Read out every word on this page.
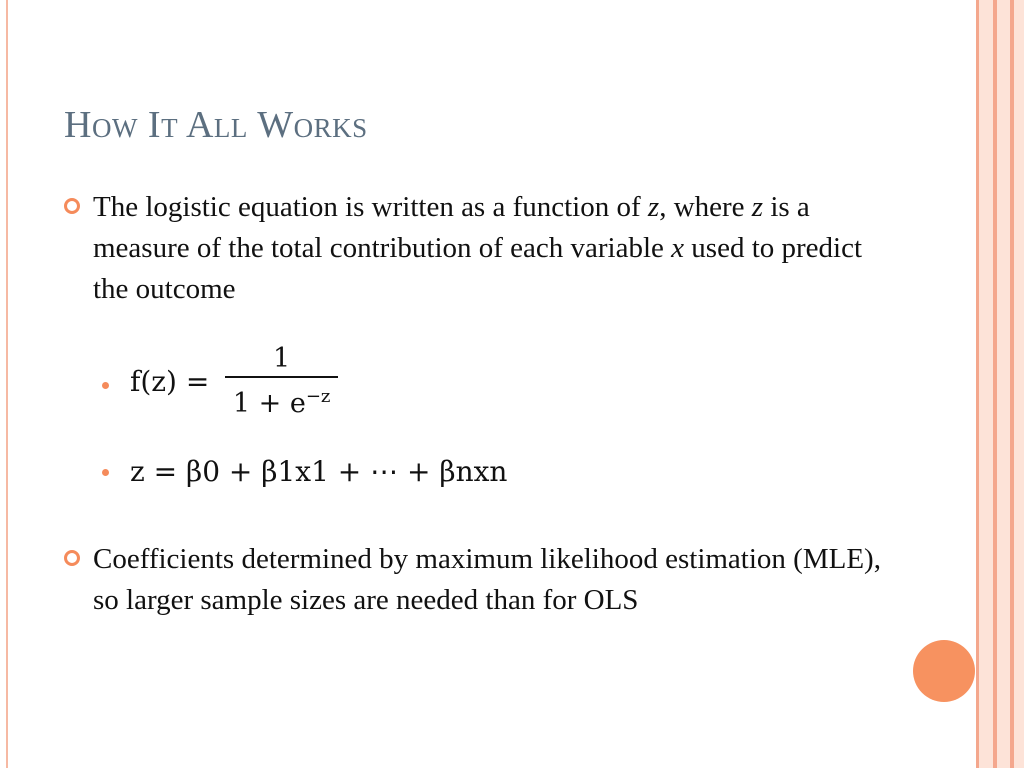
How It All Works
The logistic equation is written as a function of z, where z is a measure of the total contribution of each variable x used to predict the outcome
$f(z) = \frac{1}{1 + e^{-z}}$
z = β0 + β1x1 + ⋯ + βnxn
Coefficients determined by maximum likelihood estimation (MLE), so larger sample sizes are needed than for OLS
